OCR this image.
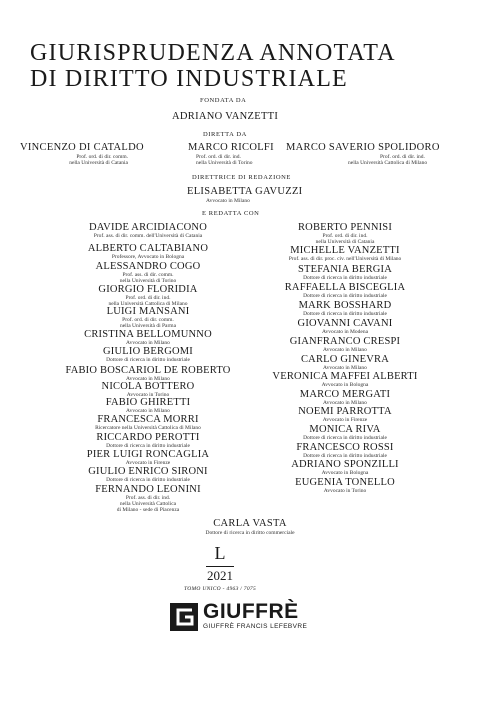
GIURISPRUDENZA ANNOTATA
DI DIRITTO INDUSTRIALE
FONDATA DA
ADRIANO VANZETTI
DIRETTA DA
VINCENZO DI CATALDO
Prof. ord. di dir. comm.
nella Università di Catania
MARCO RICOLFI
Prof. ord. di dir. ind.
nella Università di Torino
MARCO SAVERIO SPOLIDORO
Prof. ord. di dir. ind.
nella Università Cattolica di Milano
DIRETTRICE DI REDAZIONE
ELISABETTA GAVUZZI
Avvocato in Milano
E REDATTA CON
DAVIDE ARCIDIACONO
Prof. ass. di dir. comm. dell'Università di Catania
ALBERTO CALTABIANO
Professore, Avvocato in Bologna
ALESSANDRO COGO
Prof. ass. di dir. comm.
nella Università di Torino
GIORGIO FLORIDIA
Prof. ord. di dir. ind.
nella Università Cattolica di Milano
LUIGI MANSANI
Prof. ord. di dir. comm.
nella Università di Parma
CRISTINA BELLOMUNNO
Avvocato in Milano
GIULIO BERGOMI
Dottore di ricerca in diritto industriale
FABIO BOSCARIOL DE ROBERTO
Avvocato in Milano
NICOLA BOTTERO
Avvocato in Torino
FABIO GHIRETTI
Avvocato in Milano
FRANCESCA MORRI
Ricercatore nella Università Cattolica di Milano
RICCARDO PEROTTI
Dottore di ricerca in diritto industriale
PIER LUIGI RONCAGLIA
Avvocato in Firenze
GIULIO ENRICO SIRONI
Dottore di ricerca in diritto industriale
FERNANDO LEONINI
Prof. ass. di dir. ind.
nella Università Cattolica
di Milano - sede di Piacenza
ROBERTO PENNISI
Prof. ord. di dir. ind.
nella Università di Catania
MICHELLE VANZETTI
Prof. ass. di dir. proc. civ. nell'Università di Milano
STEFANIA BERGIA
Dottore di ricerca in diritto industriale
RAFFAELLA BISCEGLIA
Dottore di ricerca in diritto industriale
MARK BOSSHARD
Dottore di ricerca in diritto industriale
GIOVANNI CAVANI
Avvocato in Modena
GIANFRANCO CRESPI
Avvocato in Milano
CARLO GINEVRA
Avvocato in Milano
VERONICA MAFFEI ALBERTI
Avvocato in Bologna
MARCO MERGATI
Avvocato in Milano
NOEMI PARROTTA
Avvocato in Firenze
MONICA RIVA
Dottore di ricerca in diritto industriale
FRANCESCO ROSSI
Dottore di ricerca in diritto industriale
ADRIANO SPONZILLI
Avvocato in Bologna
EUGENIA TONELLO
Avvocato in Torino
CARLA VASTA
Dottore di ricerca in diritto commerciale
L
2021
TOMO UNICO - 4963 / 7075
GIUFFRÈ
GIUFFRÈ FRANCIS LEFEBVRE
